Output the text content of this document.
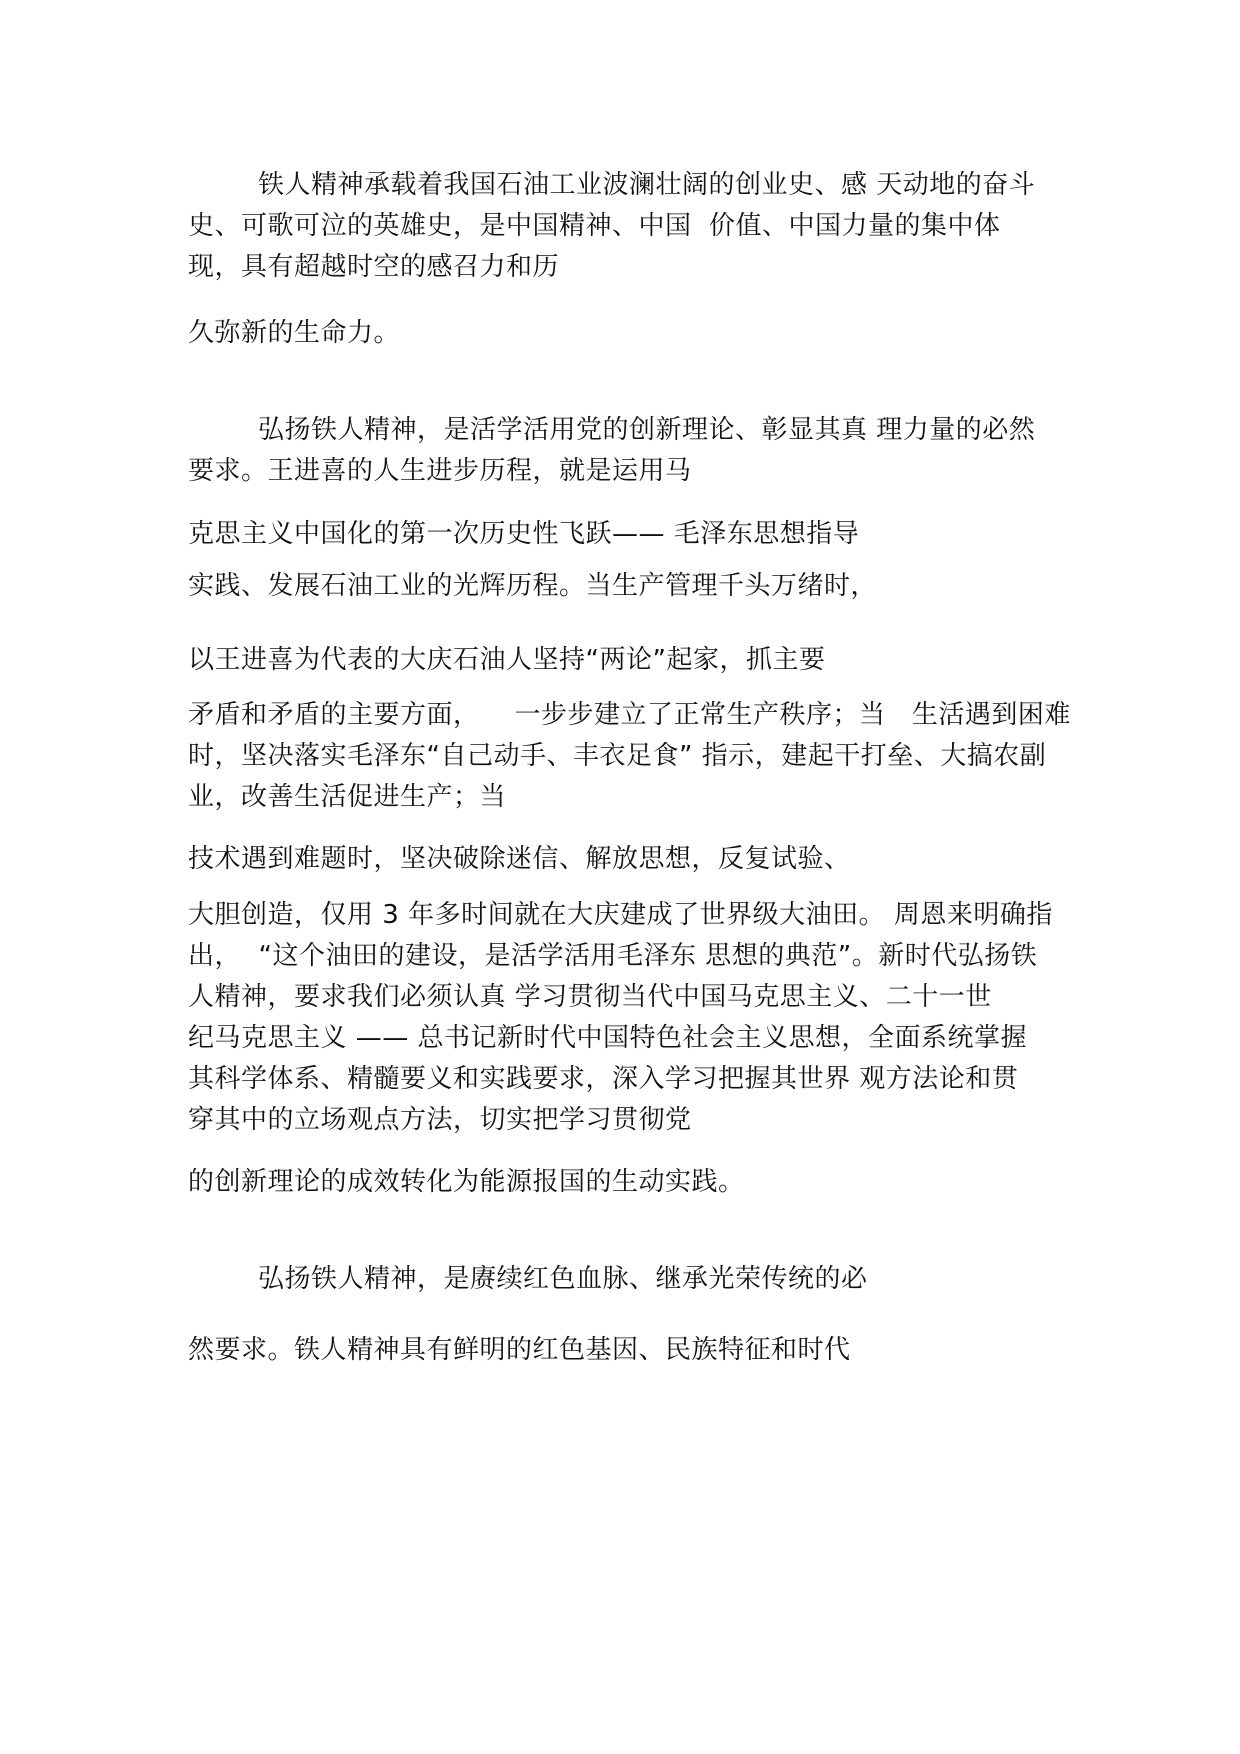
铁人精神承载着我国石油工业波澜壮阔的创业史、感 天动地的奋斗
史、可歌可泣的英雄史，是中国精神、中国  价值、中国力量的集中体
现，具有超越时空的感召力和历
久弥新的生命力。
弘扬铁人精神，是活学活用党的创新理论、彰显其真 理力量的必然
要求。王进喜的人生进步历程，就是运用马
克思主义中国化的第一次历史性飞跃—— 毛泽东思想指导
实践、发展石油工业的光辉历程。当生产管理千头万绪时，
以王进喜为代表的大庆石油人坚持“两论”起家，抓主要
矛盾和矛盾的主要方面，    一步步建立了正常生产秩序；当   生活遇到困难
时，坚决落实毛泽东“自己动手、丰衣足食” 指示，建起干打垒、大搞农副
业，改善生活促进生产；当
技术遇到难题时，坚决破除迷信、解放思想，反复试验、
大胆创造，仅用 3 年多时间就在大庆建成了世界级大油田。 周恩来明确指
出，  “这个油田的建设，是活学活用毛泽东 思想的典范”。新时代弘扬铁
人精神，要求我们必须认真 学习贯彻当代中国马克思主义、二十一世
纪马克思主义 —— 总书记新时代中国特色社会主义思想，全面系统掌握
其科学体系、精髓要义和实践要求，深入学习把握其世界 观方法论和贯
穿其中的立场观点方法，切实把学习贯彻党
的创新理论的成效转化为能源报国的生动实践。
弘扬铁人精神，是赓续红色血脉、继承光荣传统的必
然要求。铁人精神具有鲜明的红色基因、民族特征和时代
